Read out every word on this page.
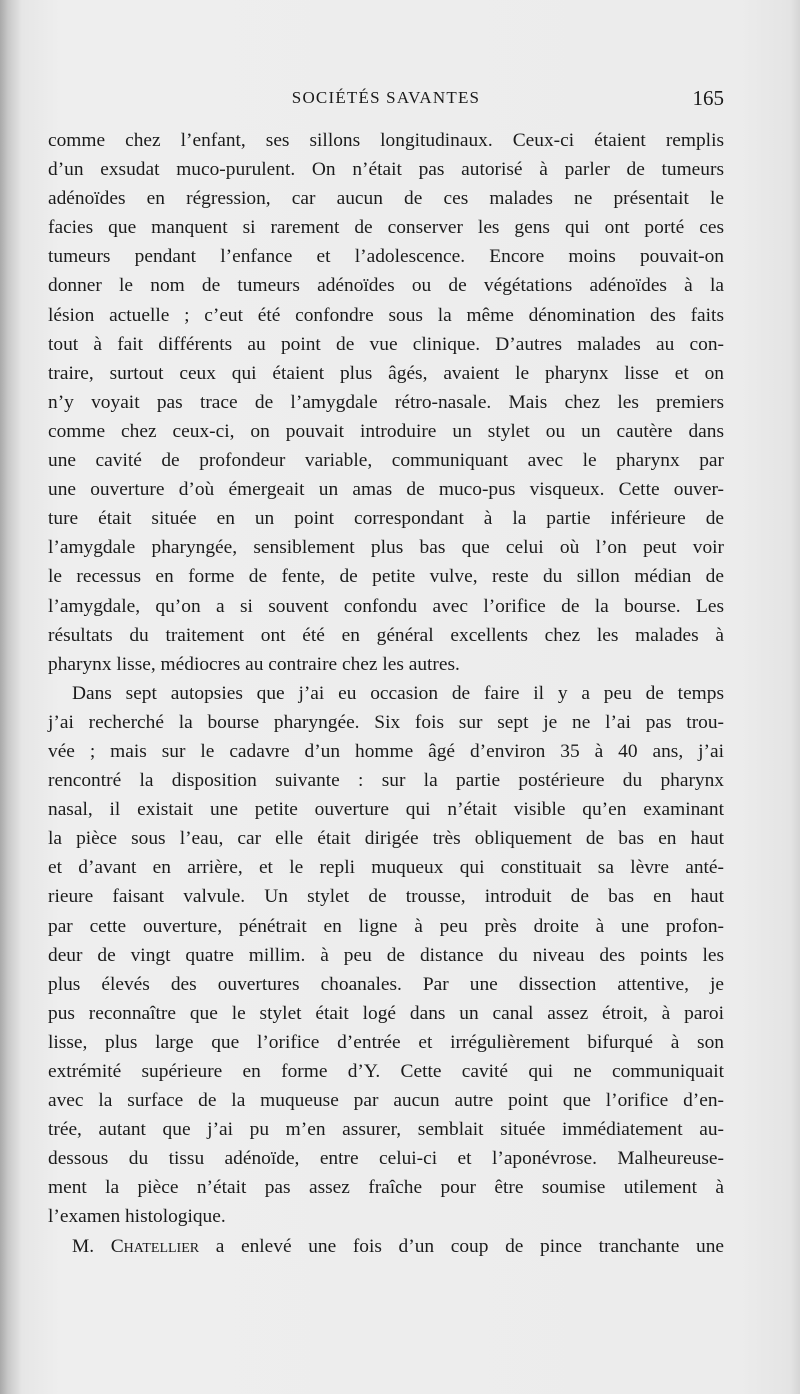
SOCIÉTÉS SAVANTES	165
comme chez l’enfant, ses sillons longitudinaux. Ceux-ci étaient remplis
d’un exsudat muco-purulent. On n’était pas autorisé à parler de tumeurs
adénoïdes en régression, car aucun de ces malades ne présentait le
facies que manquent si rarement de conserver les gens qui ont porté ces
tumeurs pendant l’enfance et l’adolescence. Encore moins pouvait-on
donner le nom de tumeurs adénoïdes ou de végétations adénoïdes à la
lésion actuelle ; c’eut été confondre sous la même dénomination des faits
tout à fait différents au point de vue clinique. D’autres malades au con-
traire, surtout ceux qui étaient plus âgés, avaient le pharynx lisse et on
n’y voyait pas trace de l’amygdale rétro-nasale. Mais chez les premiers
comme chez ceux-ci, on pouvait introduire un stylet ou un cautère dans
une cavité de profondeur variable, communiquant avec le pharynx par
une ouverture d’où émergeait un amas de muco-pus visqueux. Cette ouver-
ture était située en un point correspondant à la partie inférieure de
l’amygdale pharyngée, sensiblement plus bas que celui où l’on peut voir
le recessus en forme de fente, de petite vulve, reste du sillon médian de
l’amygdale, qu’on a si souvent confondu avec l’orifice de la bourse. Les
résultats du traitement ont été en général excellents chez les malades à
pharynx lisse, médiocres au contraire chez les autres.
Dans sept autopsies que j’ai eu occasion de faire il y a peu de temps
j’ai recherché la bourse pharyngée. Six fois sur sept je ne l’ai pas trou-
vée ; mais sur le cadavre d’un homme âgé d’environ 35 à 40 ans, j’ai
rencontré la disposition suivante : sur la partie postérieure du pharynx
nasal, il existait une petite ouverture qui n’était visible qu’en examinant
la pièce sous l’eau, car elle était dirigée très obliquement de bas en haut
et d’avant en arrière, et le repli muqueux qui constituait sa lèvre anté-
rieure faisant valvule. Un stylet de trousse, introduit de bas en haut
par cette ouverture, pénétrait en ligne à peu près droite à une profon-
deur de vingt quatre millim. à peu de distance du niveau des points les
plus élevés des ouvertures choanales. Par une dissection attentive, je
pus reconnaître que le stylet était logé dans un canal assez étroit, à paroi
lisse, plus large que l’orifice d’entrée et irrégulièrement bifurqué à son
extrémité supérieure en forme d’Y. Cette cavité qui ne communiquait
avec la surface de la muqueuse par aucun autre point que l’orifice d’en-
trée, autant que j’ai pu m’en assurer, semblait située immédiatement au-
dessous du tissu adénoïde, entre celui-ci et l’aponévrose. Malheureuse-
ment la pièce n’était pas assez fraîche pour être soumise utilement à
l’examen histologique.
M. Chatellier a enlevé une fois d’un coup de pince tranchante une
